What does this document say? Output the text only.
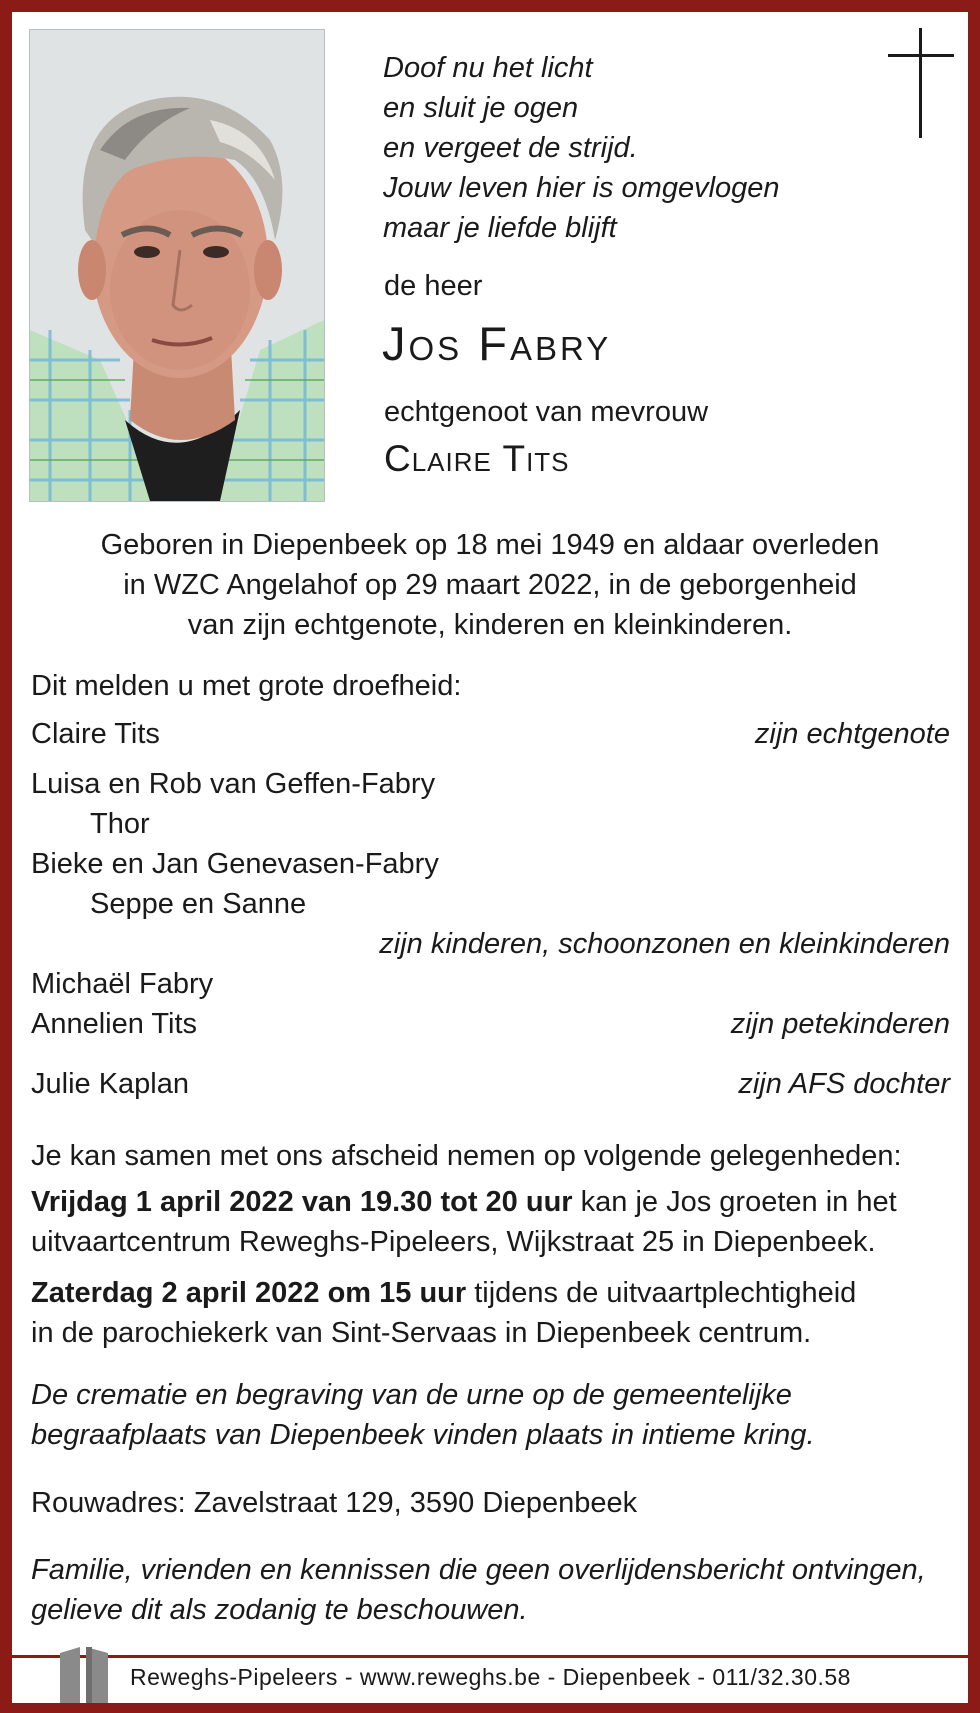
Doof nu het licht
en sluit je ogen
en vergeet de strijd.
Jouw leven hier is omgevlogen
maar je liefde blijft
de heer
Jos Fabry
echtgenoot van mevrouw
Claire Tits
Geboren in Diepenbeek op 18 mei 1949 en aldaar overleden
in WZC Angelahof op 29 maart 2022, in de geborgenheid
van zijn echtgenote, kinderen en kleinkinderen.
Dit melden u met grote droefheid:
Claire Tits	zijn echtgenote
Luisa en Rob van Geffen-Fabry
Thor
Bieke en Jan Genevasen-Fabry
Seppe en Sanne
zijn kinderen, schoonzonen en kleinkinderen
Michaël Fabry
Annelien Tits	zijn petekinderen
Julie Kaplan	zijn AFS dochter
Je kan samen met ons afscheid nemen op volgende gelegenheden:
Vrijdag 1 april 2022 van 19.30 tot 20 uur kan je Jos groeten in het
uitvaartcentrum Reweghs-Pipeleers, Wijkstraat 25 in Diepenbeek.
Zaterdag 2 april 2022 om 15 uur tijdens de uitvaartplechtigheid
in de parochiekerk van Sint-Servaas in Diepenbeek centrum.
De crematie en begraving van de urne op de gemeentelijke
begraafplaats van Diepenbeek vinden plaats in intieme kring.
Rouwadres: Zavelstraat 129, 3590 Diepenbeek
Familie, vrienden en kennissen die geen overlijdensbericht ontvingen,
gelieve dit als zodanig te beschouwen.
Reweghs-Pipeleers - www.reweghs.be - Diepenbeek - 011/32.30.58
